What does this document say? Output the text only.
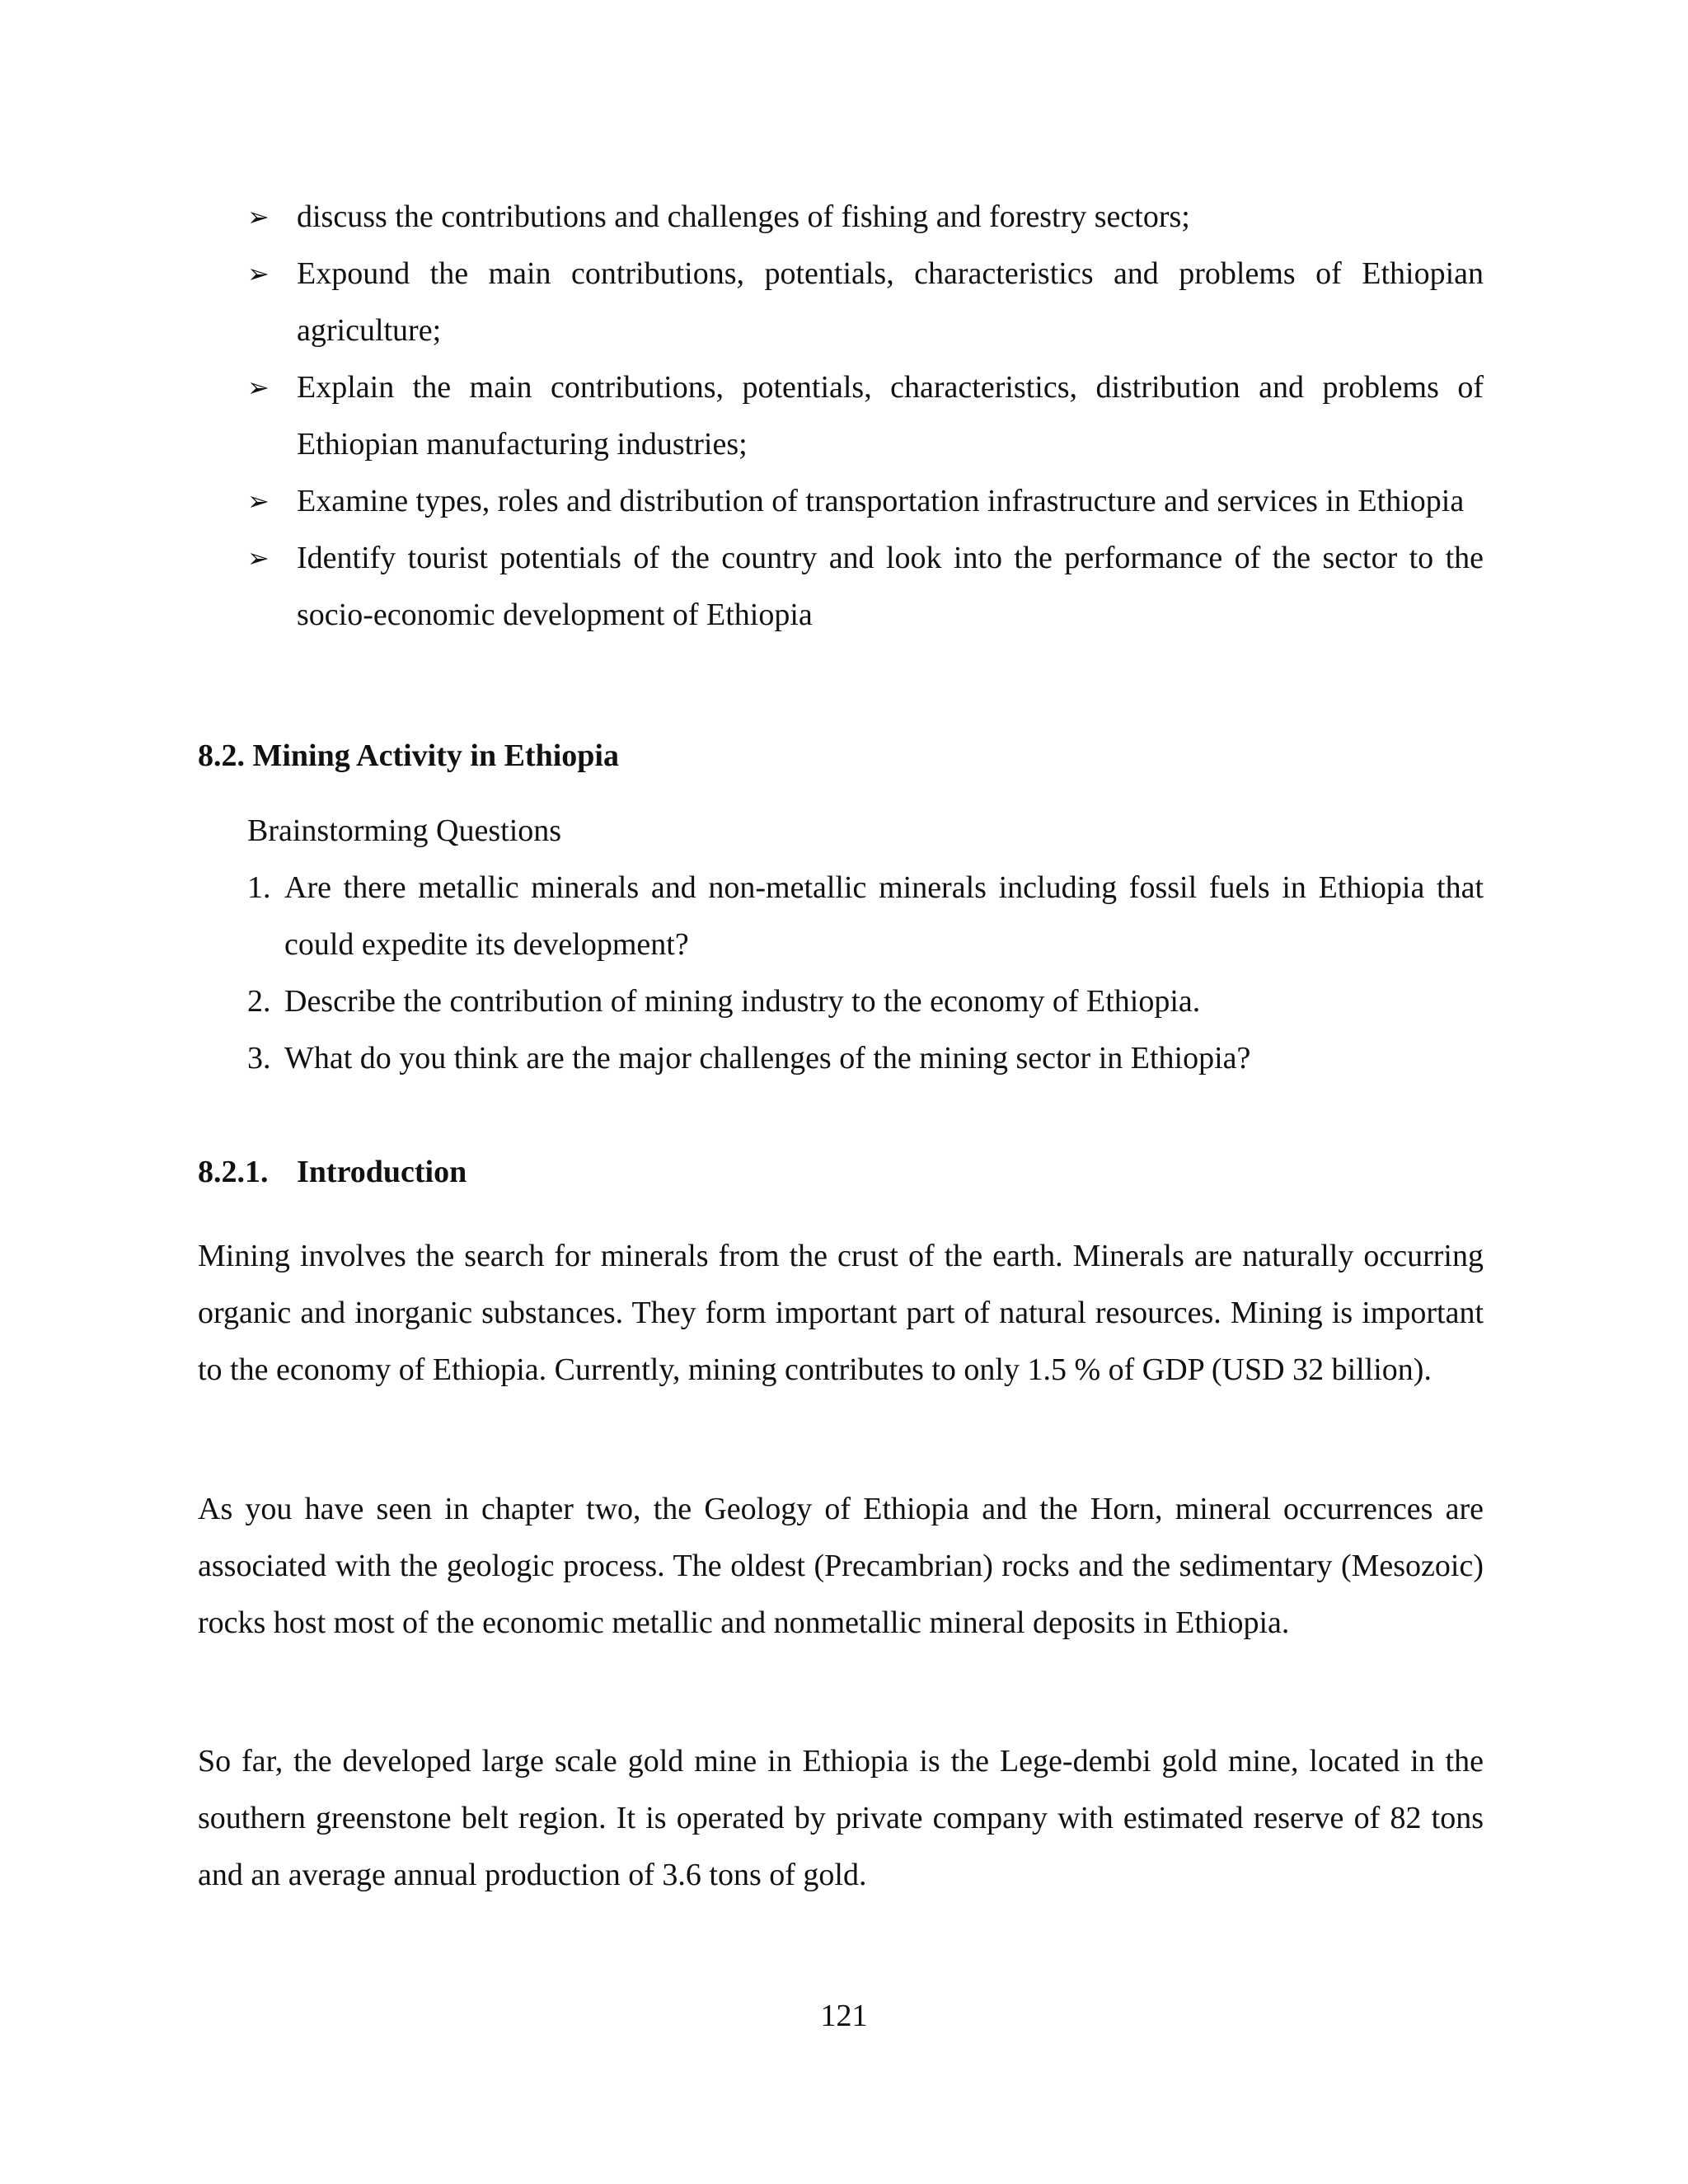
➢ discuss the contributions and challenges of fishing and forestry sectors;
➢ Expound the main contributions, potentials, characteristics and problems of Ethiopian agriculture;
➢ Explain the main contributions, potentials, characteristics, distribution and problems of Ethiopian manufacturing industries;
➢ Examine types, roles and distribution of transportation infrastructure and services in Ethiopia
➢ Identify tourist potentials of the country and look into the performance of the sector to the socio-economic development of Ethiopia
8.2. Mining Activity in Ethiopia
Brainstorming Questions
1. Are there metallic minerals and non-metallic minerals including fossil fuels in Ethiopia that could expedite its development?
2. Describe the contribution of mining industry to the economy of Ethiopia.
3. What do you think are the major challenges of the mining sector in Ethiopia?
8.2.1. Introduction

Mining involves the search for minerals from the crust of the earth. Minerals are naturally occurring organic and inorganic substances. They form important part of natural resources. Mining is important to the economy of Ethiopia. Currently, mining contributes to only 1.5 % of GDP (USD 32 billion).

As you have seen in chapter two, the Geology of Ethiopia and the Horn, mineral occurrences are associated with the geologic process. The oldest (Precambrian) rocks and the sedimentary (Mesozoic) rocks host most of the economic metallic and nonmetallic mineral deposits in Ethiopia.

So far, the developed large scale gold mine in Ethiopia is the Lege-dembi gold mine, located in the southern greenstone belt region. It is operated by private company with estimated reserve of 82 tons and an average annual production of 3.6 tons of gold.

121
